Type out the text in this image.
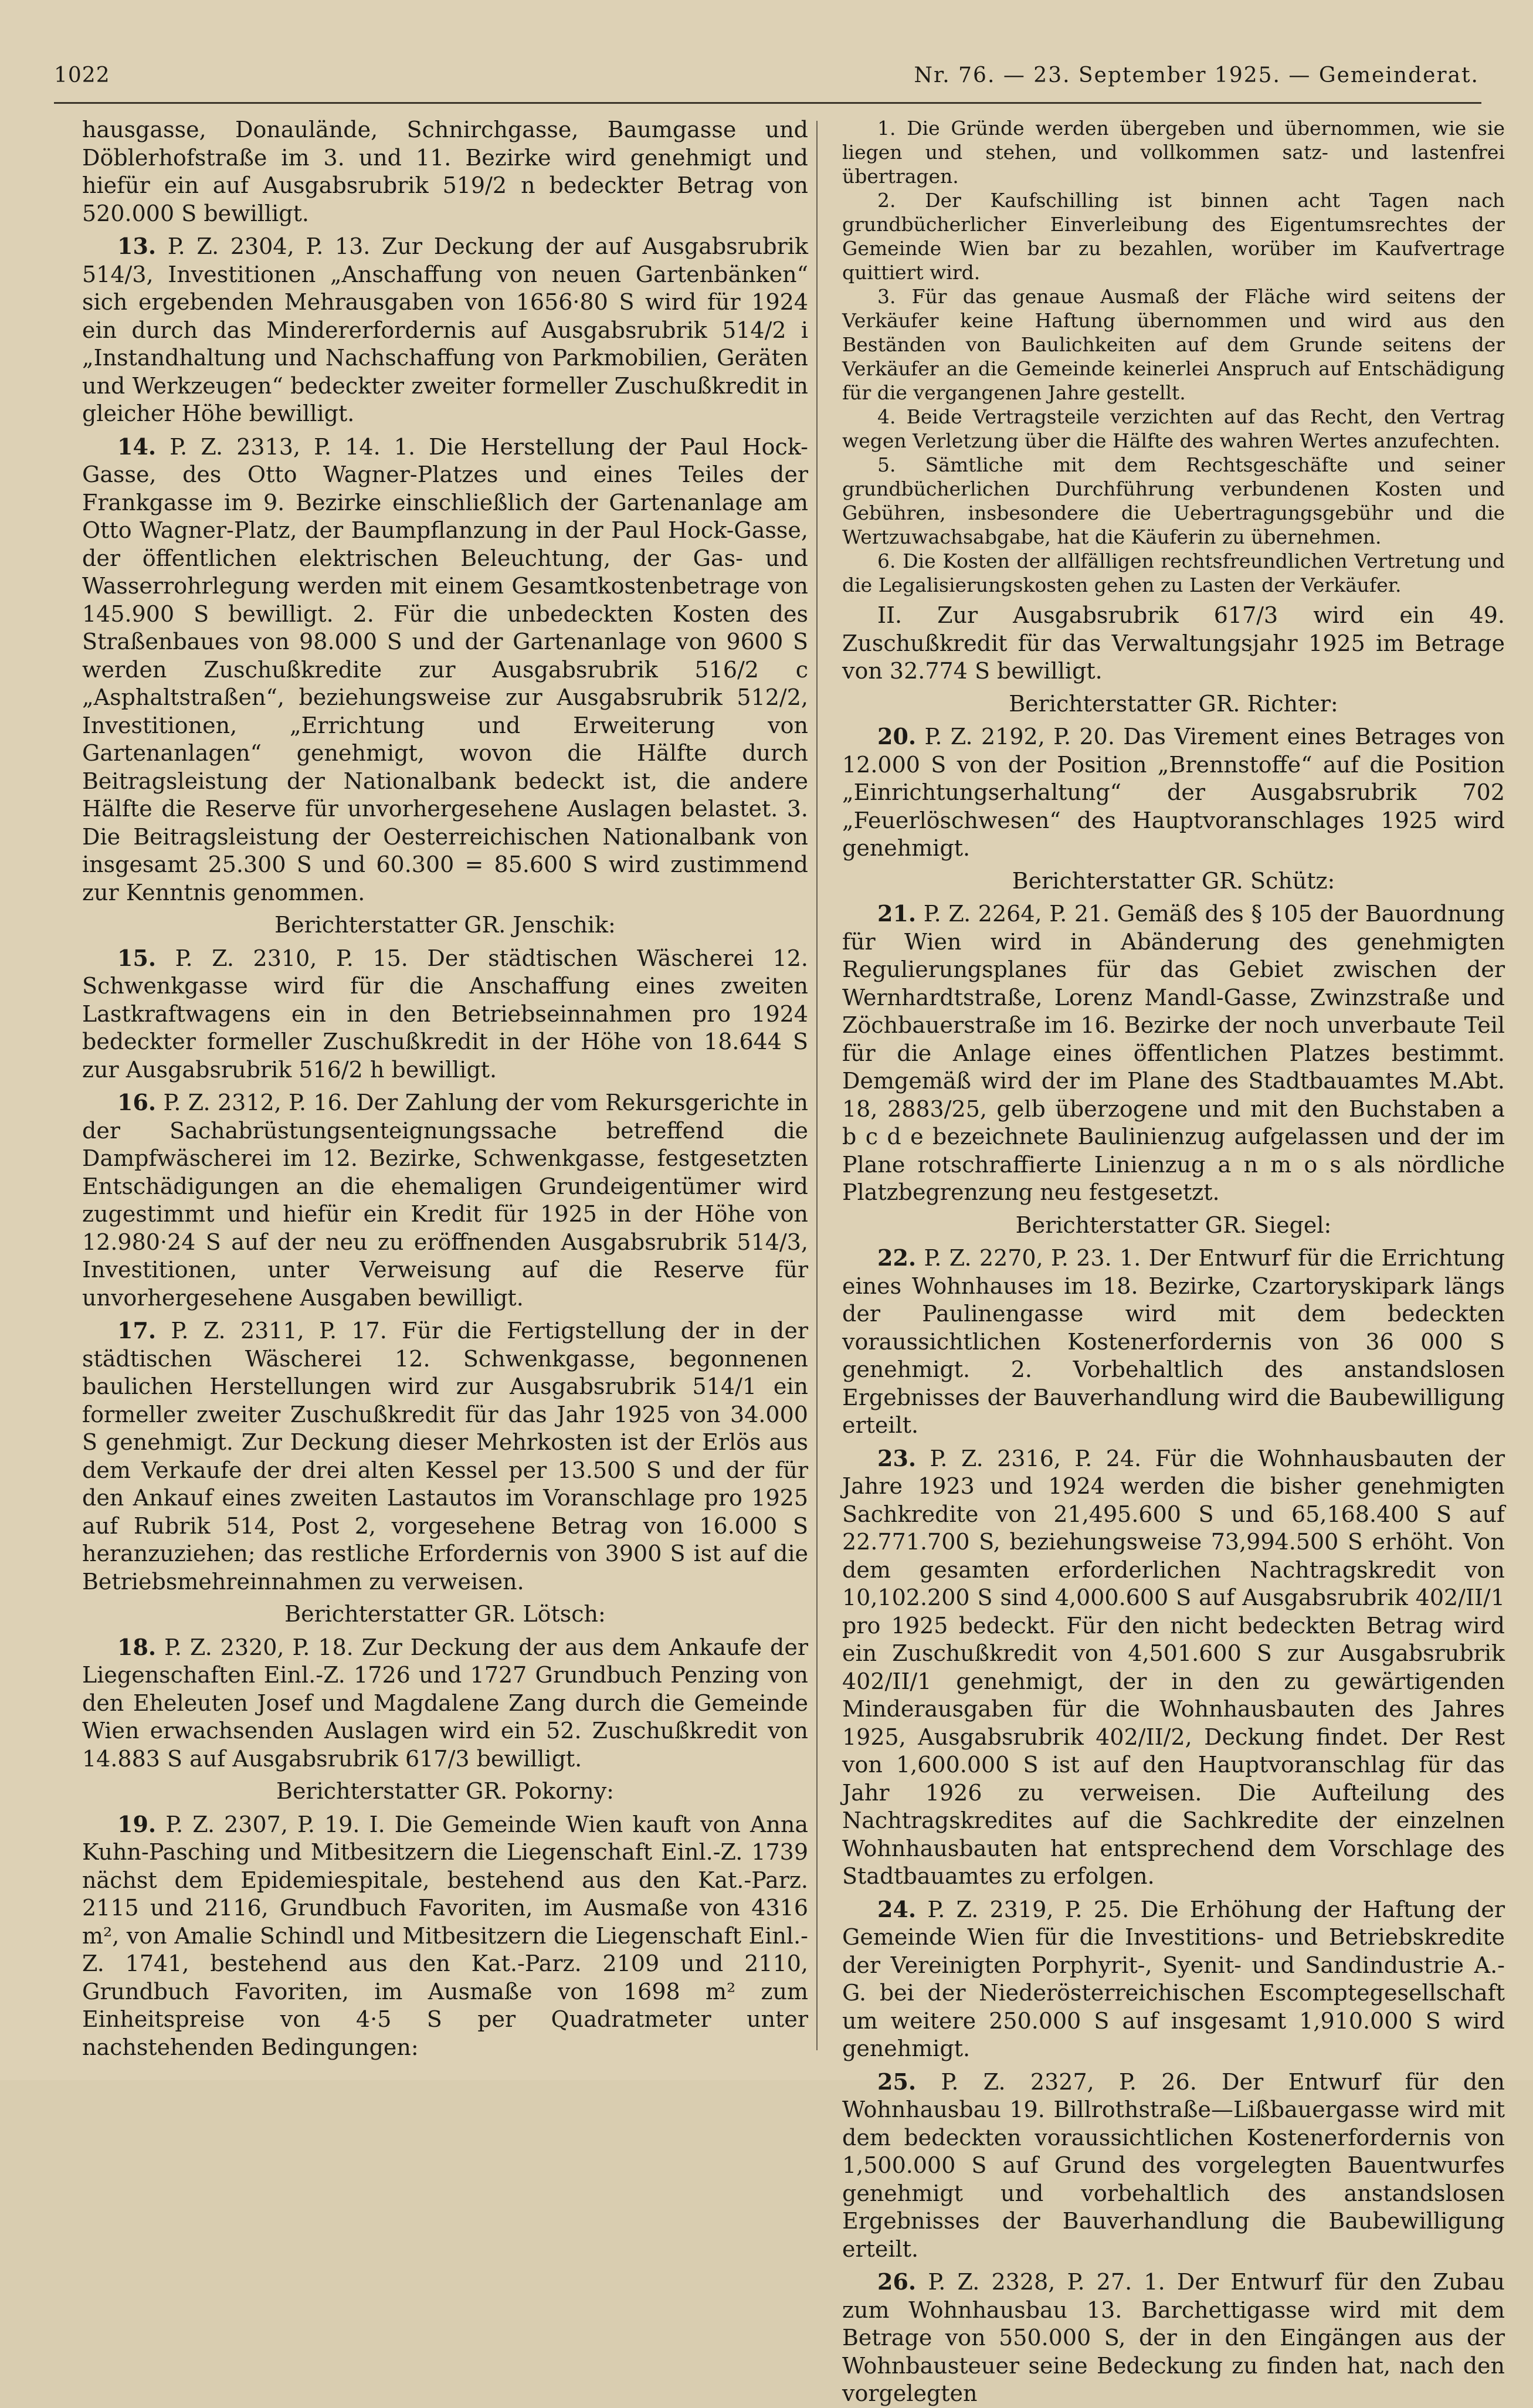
1022	Nr. 76. — 23. September 1925. — Gemeinderat.

hausgasse, Donaulände, Schnirchgasse, Baumgasse und Döblerhofstraße im 3. und 11. Bezirke wird genehmigt und hiefür ein auf Ausgabsrubrik 519/2 n bedeckter Betrag von 520.000 S bewilligt.

13. P. Z. 2304, P. 13. Zur Deckung der auf Ausgabsrubrik 514/3, Investitionen „Anschaffung von neuen Gartenbänken“ sich ergebenden Mehrausgaben von 1656·80 S wird für 1924 ein durch das Mindererfordernis auf Ausgabsrubrik 514/2 i „Instandhaltung und Nachschaffung von Parkmobilien, Geräten und Werkzeugen“ bedeckter zweiter formeller Zuschußkredit in gleicher Höhe bewilligt.

14. P. Z. 2313, P. 14. 1. Die Herstellung der Paul Hock-Gasse, des Otto Wagner-Platzes und eines Teiles der Frankgasse im 9. Bezirke einschließlich der Gartenanlage am Otto Wagner-Platz, der Baumpflanzung in der Paul Hock-Gasse, der öffentlichen elektrischen Beleuchtung, der Gas- und Wasserrohrlegung werden mit einem Gesamtkostenbetrage von 145.900 S bewilligt. 2. Für die unbedeckten Kosten des Straßenbaues von 98.000 S und der Gartenanlage von 9600 S werden Zuschußkredite zur Ausgabsrubrik 516/2 c „Asphaltstraßen“, beziehungsweise zur Ausgabsrubrik 512/2, Investitionen, „Errichtung und Erweiterung von Gartenanlagen“ genehmigt, wovon die Hälfte durch Beitragsleistung der Nationalbank bedeckt ist, die andere Hälfte die Reserve für unvorhergesehene Auslagen belastet. 3. Die Beitragsleistung der Oesterreichischen Nationalbank von insgesamt 25.300 S und 60.300 = 85.600 S wird zustimmend zur Kenntnis genommen.

Berichterstatter GR. Jenschik:

15. P. Z. 2310, P. 15. Der städtischen Wäscherei 12. Schwenkgasse wird für die Anschaffung eines zweiten Lastkraftwagens ein in den Betriebseinnahmen pro 1924 bedeckter formeller Zuschußkredit in der Höhe von 18.644 S zur Ausgabsrubrik 516/2 h bewilligt.

16. P. Z. 2312, P. 16. Der Zahlung der vom Rekursgerichte in der Sachabrüstungsenteignungssache betreffend die Dampfwäscherei im 12. Bezirke, Schwenkgasse, festgesetzten Entschädigungen an die ehemaligen Grundeigentümer wird zugestimmt und hiefür ein Kredit für 1925 in der Höhe von 12.980·24 S auf der neu zu eröffnenden Ausgabsrubrik 514/3, Investitionen, unter Verweisung auf die Reserve für unvorhergesehene Ausgaben bewilligt.

17. P. Z. 2311, P. 17. Für die Fertigstellung der in der städtischen Wäscherei 12. Schwenkgasse, begonnenen baulichen Herstellungen wird zur Ausgabsrubrik 514/1 ein formeller zweiter Zuschußkredit für das Jahr 1925 von 34.000 S genehmigt. Zur Deckung dieser Mehrkosten ist der Erlös aus dem Verkaufe der drei alten Kessel per 13.500 S und der für den Ankauf eines zweiten Lastautos im Voranschlage pro 1925 auf Rubrik 514, Post 2, vorgesehene Betrag von 16.000 S heranzuziehen; das restliche Erfordernis von 3900 S ist auf die Betriebsmehreinnahmen zu verweisen.

Berichterstatter GR. Lötsch:

18. P. Z. 2320, P. 18. Zur Deckung der aus dem Ankaufe der Liegenschaften Einl.-Z. 1726 und 1727 Grundbuch Penzing von den Eheleuten Josef und Magdalene Zang durch die Gemeinde Wien erwachsenden Auslagen wird ein 52. Zuschußkredit von 14.883 S auf Ausgabsrubrik 617/3 bewilligt.

Berichterstatter GR. Pokorny:

19. P. Z. 2307, P. 19. I. Die Gemeinde Wien kauft von Anna Kuhn-Pasching und Mitbesitzern die Liegenschaft Einl.-Z. 1739 nächst dem Epidemiespitale, bestehend aus den Kat.-Parz. 2115 und 2116, Grundbuch Favoriten, im Ausmaße von 4316 m², von Amalie Schindl und Mitbesitzern die Liegenschaft Einl.-Z. 1741, bestehend aus den Kat.-Parz. 2109 und 2110, Grundbuch Favoriten, im Ausmaße von 1698 m² zum Einheitspreise von 4·5 S per Quadratmeter unter nachstehenden Bedingungen:

1. Die Gründe werden übergeben und übernommen, wie sie liegen und stehen, und vollkommen satz- und lastenfrei übertragen.

2. Der Kaufschilling ist binnen acht Tagen nach grundbücherlicher Einverleibung des Eigentumsrechtes der Gemeinde Wien bar zu bezahlen, worüber im Kaufvertrage quittiert wird.

3. Für das genaue Ausmaß der Fläche wird seitens der Verkäufer keine Haftung übernommen und wird aus den Beständen von Baulichkeiten auf dem Grunde seitens der Verkäufer an die Gemeinde keinerlei Anspruch auf Entschädigung für die vergangenen Jahre gestellt.

4. Beide Vertragsteile verzichten auf das Recht, den Vertrag wegen Verletzung über die Hälfte des wahren Wertes anzufechten.

5. Sämtliche mit dem Rechtsgeschäfte und seiner grundbücherlichen Durchführung verbundenen Kosten und Gebühren, insbesondere die Uebertragungsgebühr und die Wertzuwachsabgabe, hat die Käuferin zu übernehmen.

6. Die Kosten der allfälligen rechtsfreundlichen Vertretung und die Legalisierungskosten gehen zu Lasten der Verkäufer.

II. Zur Ausgabsrubrik 617/3 wird ein 49. Zuschußkredit für das Verwaltungsjahr 1925 im Betrage von 32.774 S bewilligt.

Berichterstatter GR. Richter:

20. P. Z. 2192, P. 20. Das Virement eines Betrages von 12.000 S von der Position „Brennstoffe“ auf die Position „Einrichtungserhaltung“ der Ausgabsrubrik 702 „Feuerlöschwesen“ des Hauptvoranschlages 1925 wird genehmigt.

Berichterstatter GR. Schütz:

21. P. Z. 2264, P. 21. Gemäß des § 105 der Bauordnung für Wien wird in Abänderung des genehmigten Regulierungsplanes für das Gebiet zwischen der Wernhardtstraße, Lorenz Mandl-Gasse, Zwinzstraße und Zöchbauerstraße im 16. Bezirke der noch unverbaute Teil für die Anlage eines öffentlichen Platzes bestimmt. Demgemäß wird der im Plane des Stadtbauamtes M.Abt. 18, 2883/25, gelb überzogene und mit den Buchstaben a b c d e bezeichnete Baulinienzug aufgelassen und der im Plane rotschraffierte Linienzug a n m o s als nördliche Platzbegrenzung neu festgesetzt.

Berichterstatter GR. Siegel:

22. P. Z. 2270, P. 23. 1. Der Entwurf für die Errichtung eines Wohnhauses im 18. Bezirke, Czartoryskipark längs der Paulinengasse wird mit dem bedeckten voraussichtlichen Kostenerfordernis von 36 000 S genehmigt. 2. Vorbehaltlich des anstandslosen Ergebnisses der Bauverhandlung wird die Baubewilligung erteilt.

23. P. Z. 2316, P. 24. Für die Wohnhausbauten der Jahre 1923 und 1924 werden die bisher genehmigten Sachkredite von 21,495.600 S und 65,168.400 S auf 22.771.700 S, beziehungsweise 73,994.500 S erhöht. Von dem gesamten erforderlichen Nachtragskredit von 10,102.200 S sind 4,000.600 S auf Ausgabsrubrik 402/II/1 pro 1925 bedeckt. Für den nicht bedeckten Betrag wird ein Zuschußkredit von 4,501.600 S zur Ausgabsrubrik 402/II/1 genehmigt, der in den zu gewärtigenden Minderausgaben für die Wohnhausbauten des Jahres 1925, Ausgabsrubrik 402/II/2, Deckung findet. Der Rest von 1,600.000 S ist auf den Hauptvoranschlag für das Jahr 1926 zu verweisen. Die Aufteilung des Nachtragskredites auf die Sachkredite der einzelnen Wohnhausbauten hat entsprechend dem Vorschlage des Stadtbauamtes zu erfolgen.

24. P. Z. 2319, P. 25. Die Erhöhung der Haftung der Gemeinde Wien für die Investitions- und Betriebskredite der Vereinigten Porphyrit-, Syenit- und Sandindustrie A.-G. bei der Niederösterreichischen Escomptegesellschaft um weitere 250.000 S auf insgesamt 1,910.000 S wird genehmigt.

25. P. Z. 2327, P. 26. Der Entwurf für den Wohnhausbau 19. Billrothstraße—Lißbauergasse wird mit dem bedeckten voraussichtlichen Kostenerfordernis von 1,500.000 S auf Grund des vorgelegten Bauentwurfes genehmigt und vorbehaltlich des anstandslosen Ergebnisses der Bauverhandlung die Baubewilligung erteilt.

26. P. Z. 2328, P. 27. 1. Der Entwurf für den Zubau zum Wohnhausbau 13. Barchettigasse wird mit dem Betrage von 550.000 S, der in den Eingängen aus der Wohnbausteuer seine Bedeckung zu finden hat, nach den vorgelegten
